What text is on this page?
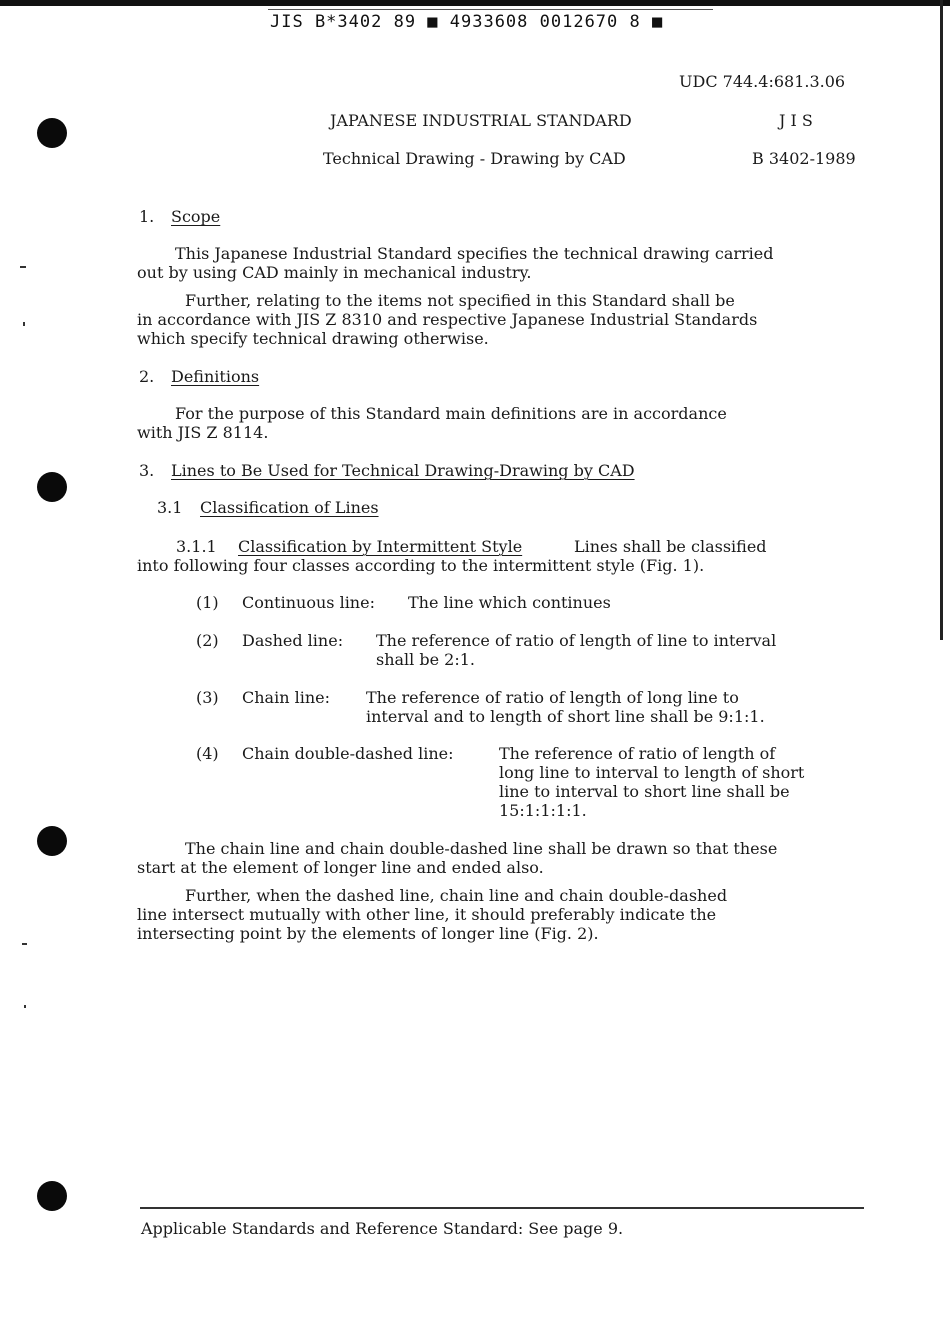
JIS B*3402 89 ■ 4933608 0012670 8 ■
UDC 744.4:681.3.06
JAPANESE INDUSTRIAL STANDARD	J I S
Technical Drawing - Drawing by CAD	B 3402-1989
1. Scope
This Japanese Industrial Standard specifies the technical drawing carried
out by using CAD mainly in mechanical industry.
Further, relating to the items not specified in this Standard shall be
in accordance with JIS Z 8310 and respective Japanese Industrial Standards
which specify technical drawing otherwise.
2. Definitions
For the purpose of this Standard main definitions are in accordance
with JIS Z 8114.
3. Lines to Be Used for Technical Drawing-Drawing by CAD
3.1 Classification of Lines
3.1.1 Classification by Intermittent Style	Lines shall be classified
into following four classes according to the intermittent style (Fig. 1).
(1) Continuous line: The line which continues
(2) Dashed line: The reference of ratio of length of line to interval
shall be 2:1.
(3) Chain line: The reference of ratio of length of long line to
interval and to length of short line shall be 9:1:1.
(4) Chain double-dashed line:	The reference of ratio of length of
long line to interval to length of short
line to interval to short line shall be
15:1:1:1:1.
The chain line and chain double-dashed line shall be drawn so that these
start at the element of longer line and ended also.
Further, when the dashed line, chain line and chain double-dashed
line intersect mutually with other line, it should preferably indicate the
intersecting point by the elements of longer line (Fig. 2).
Applicable Standards and Reference Standard: See page 9.
